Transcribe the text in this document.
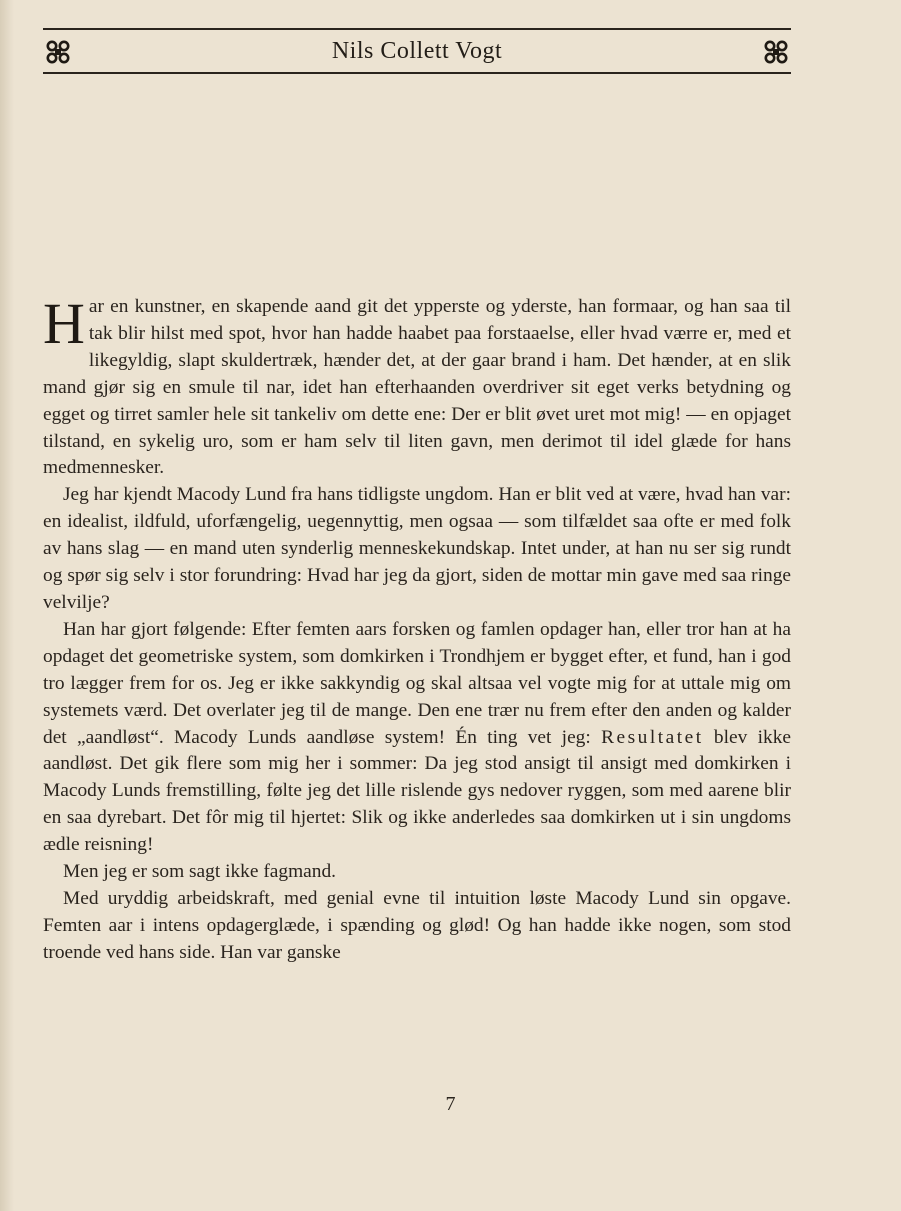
Nils Collett Vogt

Har en kunstner, en skapende aand git det ypperste og yderste, han formaar, og han saa til tak blir hilst med spot, hvor han hadde haabet paa forstaaelse, eller hvad værre er, med et likegyldig, slapt skuldertræk, hænder det, at der gaar brand i ham. Det hænder, at en slik mand gjør sig en smule til nar, idet han efterhaanden overdriver sit eget verks betydning og egget og tirret samler hele sit tankeliv om dette ene: Der er blit øvet uret mot mig! — en opjaget tilstand, en sykelig uro, som er ham selv til liten gavn, men derimot til idel glæde for hans medmennesker.

Jeg har kjendt Macody Lund fra hans tidligste ungdom. Han er blit ved at være, hvad han var: en idealist, ildfuld, uforfængelig, uegennyttig, men ogsaa — som tilfældet saa ofte er med folk av hans slag — en mand uten synderlig menneskekundskap. Intet under, at han nu ser sig rundt og spør sig selv i stor forundring: Hvad har jeg da gjort, siden de mottar min gave med saa ringe velvilje?

Han har gjort følgende: Efter femten aars forsken og famlen opdager han, eller tror han at ha opdaget det geometriske system, som domkirken i Trondhjem er bygget efter, et fund, han i god tro lægger frem for os. Jeg er ikke sakkyndig og skal altsaa vel vogte mig for at uttale mig om systemets værd. Det overlater jeg til de mange. Den ene trær nu frem efter den anden og kalder det „aandløst“. Macody Lunds aandløse system! Én ting vet jeg: Resultatet blev ikke aandløst. Det gik flere som mig her i sommer: Da jeg stod ansigt til ansigt med domkirken i Macody Lunds fremstilling, følte jeg det lille rislende gys nedover ryggen, som med aarene blir en saa dyrebart. Det fôr mig til hjertet: Slik og ikke anderledes saa domkirken ut i sin ungdoms ædle reisning!

Men jeg er som sagt ikke fagmand.

Med uryddig arbeidskraft, med genial evne til intuition løste Macody Lund sin opgave. Femten aar i intens opdagerglæde, i spænding og glød! Og han hadde ikke nogen, som stod troende ved hans side. Han var ganske

7
